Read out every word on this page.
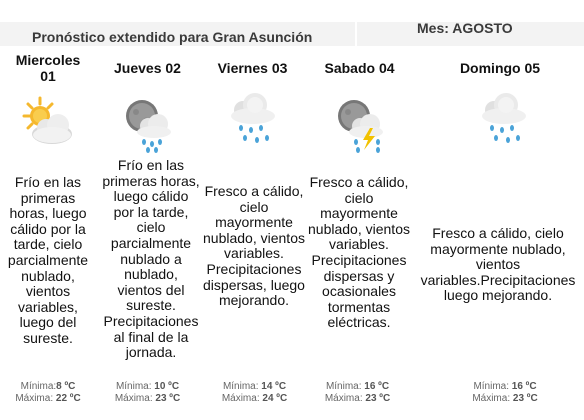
Pronóstico extendido para Gran Asunción
Mes: AGOSTO
Miercoles
01
Frío en las primeras horas, luego cálido por la tarde, cielo parcialmente nublado, vientos variables, luego del sureste.
Mínima:8 ºC
Máxima: 22 ºC
Jueves 02
Frío en las primeras horas, luego cálido por la tarde, cielo parcialmente nublado a nublado, vientos del sureste. Precipitaciones al final de la jornada.
Mínima: 10 ºC
Máxima: 23 ºC
Viernes 03
Fresco a cálido, cielo mayormente nublado, vientos variables. Precipitaciones dispersas, luego mejorando.
Mínima: 14 ºC
Máxima: 24 ºC
Sabado 04
Fresco a cálido, cielo mayormente nublado, vientos variables. Precipitaciones dispersas y ocasionales tormentas eléctricas.
Mínima: 16 ºC
Máxima: 23 ºC
Domingo 05
Fresco a cálido, cielo mayormente nublado, vientos variables.Precipitaciones luego mejorando.
Mínima: 16 ºC
Máxima: 23 ºC
